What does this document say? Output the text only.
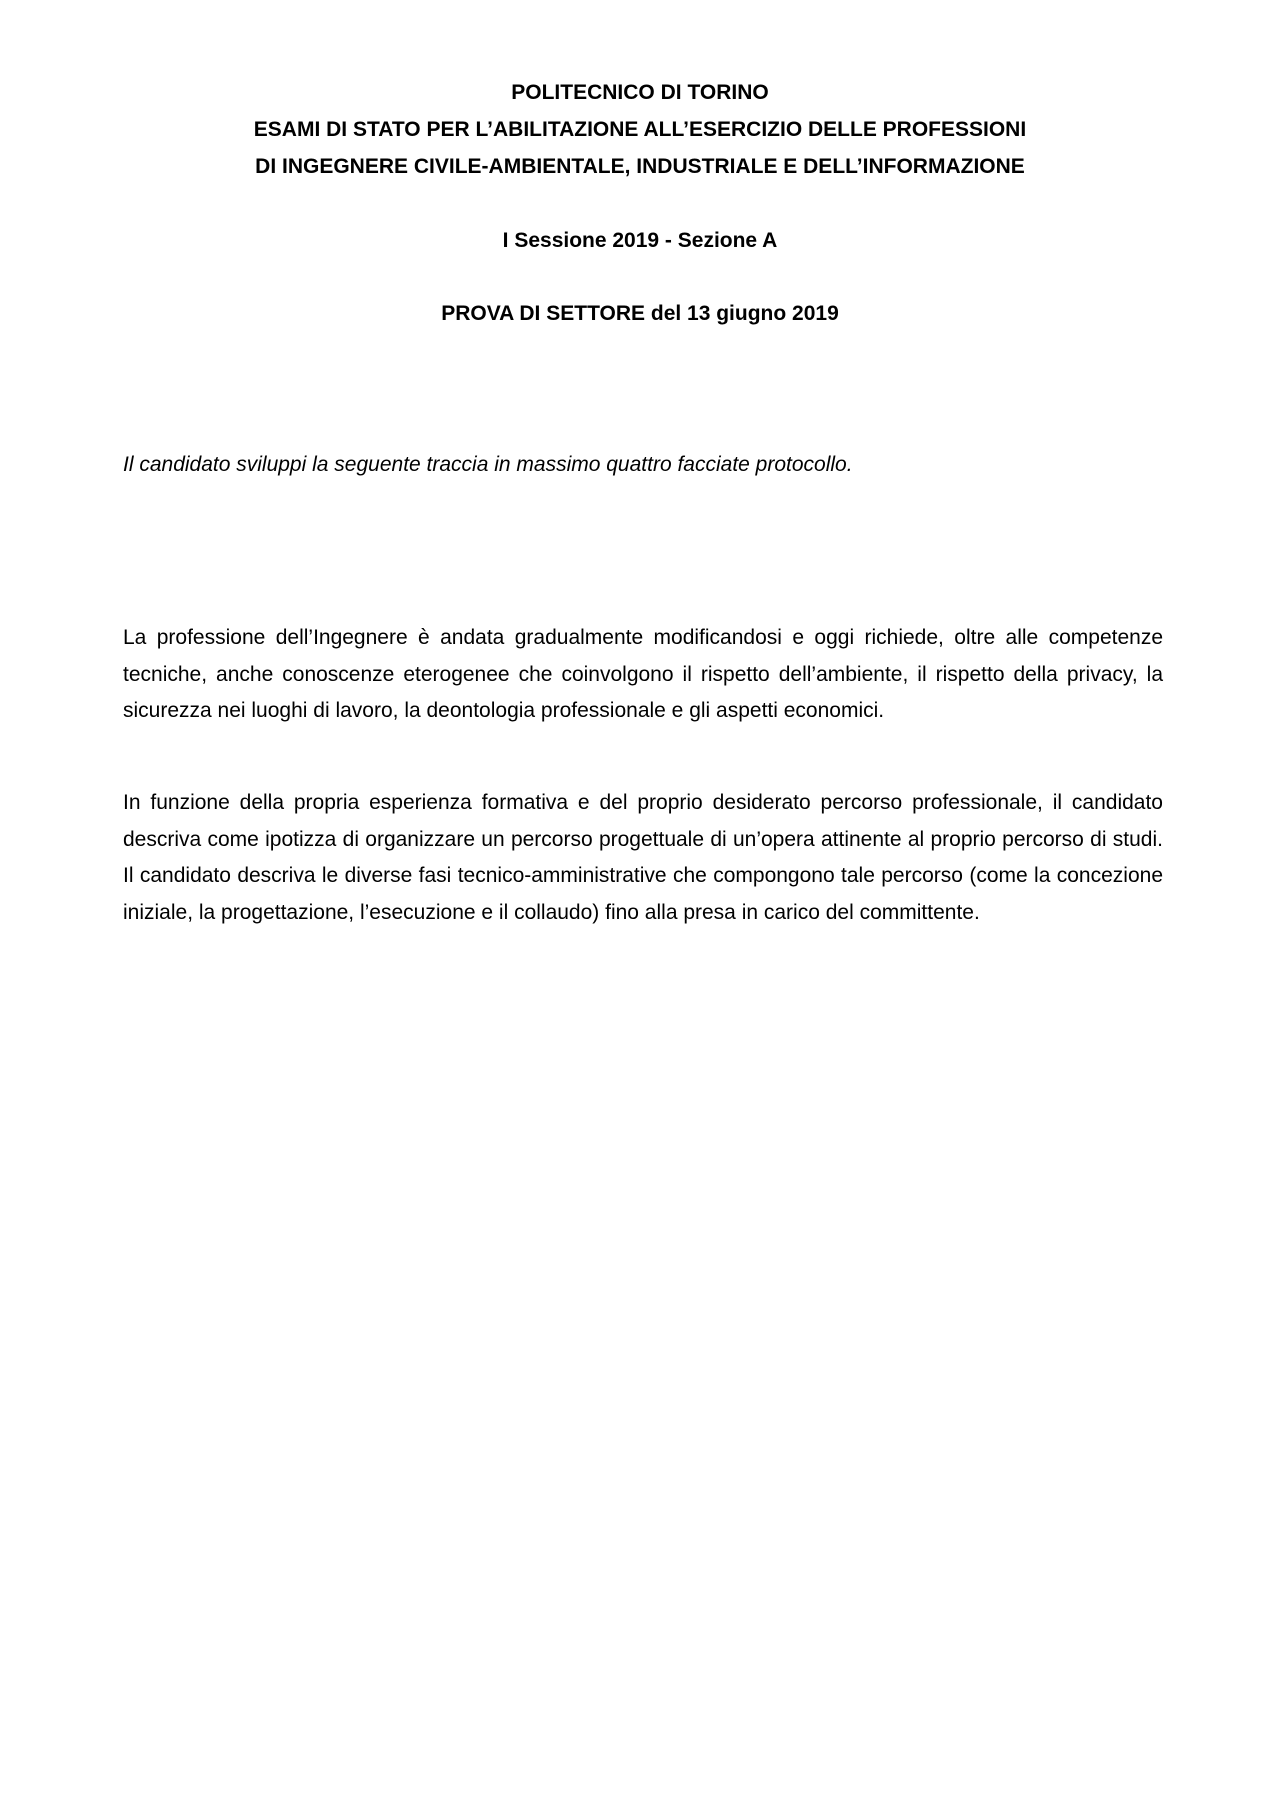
POLITECNICO DI TORINO
ESAMI DI STATO PER L’ABILITAZIONE ALL’ESERCIZIO DELLE PROFESSIONI
DI INGEGNERE CIVILE-AMBIENTALE, INDUSTRIALE E DELL’INFORMAZIONE
I Sessione 2019 - Sezione A
PROVA DI SETTORE del 13 giugno 2019
Il candidato sviluppi la seguente traccia in massimo quattro facciate protocollo.

La professione dell’Ingegnere è andata gradualmente modificandosi e oggi richiede, oltre alle competenze tecniche, anche conoscenze eterogenee che coinvolgono il rispetto dell’ambiente, il rispetto della privacy, la sicurezza nei luoghi di lavoro, la deontologia professionale e gli aspetti economici.

In funzione della propria esperienza formativa e del proprio desiderato percorso professionale, il candidato descriva come ipotizza di organizzare un percorso progettuale di un’opera attinente al proprio percorso di studi. Il candidato descriva le diverse fasi tecnico-amministrative che compongono tale percorso (come la concezione iniziale, la progettazione, l’esecuzione e il collaudo) fino alla presa in carico del committente.
